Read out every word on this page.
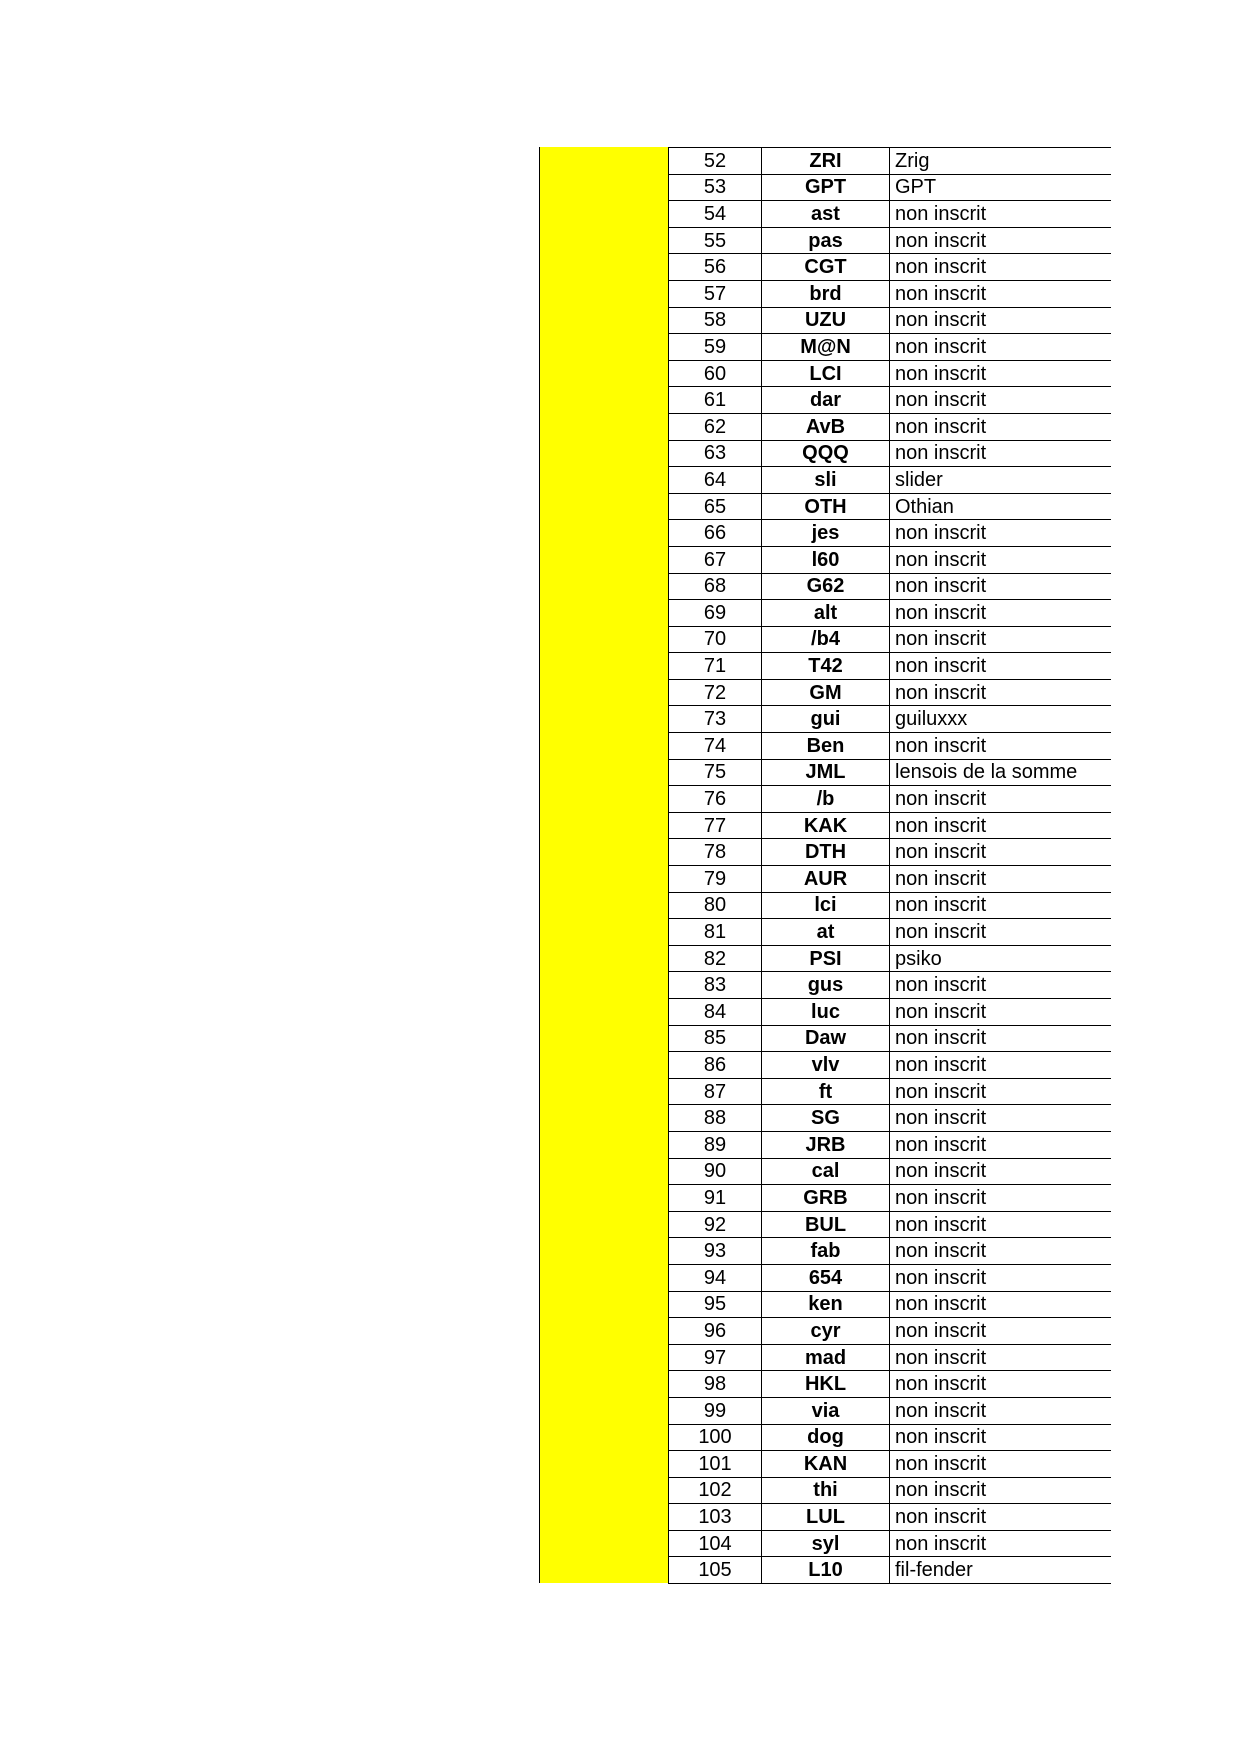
52	ZRI	Zrig
53	GPT	GPT
54	ast	non inscrit
55	pas	non inscrit
56	CGT	non inscrit
57	brd	non inscrit
58	UZU	non inscrit
59	M@N	non inscrit
60	LCI	non inscrit
61	dar	non inscrit
62	AvB	non inscrit
63	QQQ	non inscrit
64	sli	slider
65	OTH	Othian
66	jes	non inscrit
67	l60	non inscrit
68	G62	non inscrit
69	alt	non inscrit
70	/b4	non inscrit
71	T42	non inscrit
72	GM	non inscrit
73	gui	guiluxxx
74	Ben	non inscrit
75	JML	lensois de la somme
76	/b	non inscrit
77	KAK	non inscrit
78	DTH	non inscrit
79	AUR	non inscrit
80	lci	non inscrit
81	at	non inscrit
82	PSI	psiko
83	gus	non inscrit
84	luc	non inscrit
85	Daw	non inscrit
86	vlv	non inscrit
87	ft	non inscrit
88	SG	non inscrit
89	JRB	non inscrit
90	cal	non inscrit
91	GRB	non inscrit
92	BUL	non inscrit
93	fab	non inscrit
94	654	non inscrit
95	ken	non inscrit
96	cyr	non inscrit
97	mad	non inscrit
98	HKL	non inscrit
99	via	non inscrit
100	dog	non inscrit
101	KAN	non inscrit
102	thi	non inscrit
103	LUL	non inscrit
104	syl	non inscrit
105	L10	fil-fender
